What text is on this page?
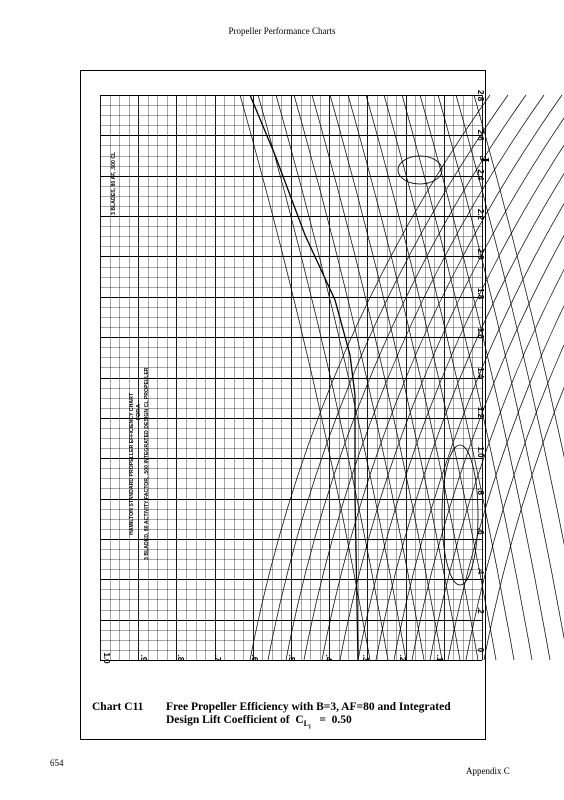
Propeller Performance Charts
0
.2
.4
.6
.8
1.0
1.2
1.4
1.6
1.8
2.0
2.2
2.4
2.6
2.8
J
1.0	.9	.8	.7	.6	.5	.4	.3	.2	.1
3 BLADES, 80 AF, .500 CL
HAMILTON STANDARD PROPELLER EFFICIENCY CHART FOR A 3 BLADED, 80 ACTIVITY FACTOR, .500 INTEGRATED DESIGN CL PROPELLER
Chart C11 Free Propeller Efficiency with B=3, AF=80 and Integrated
Design Lift Coefficient of $C_{L_i} = 0.50$
654
Appendix C
